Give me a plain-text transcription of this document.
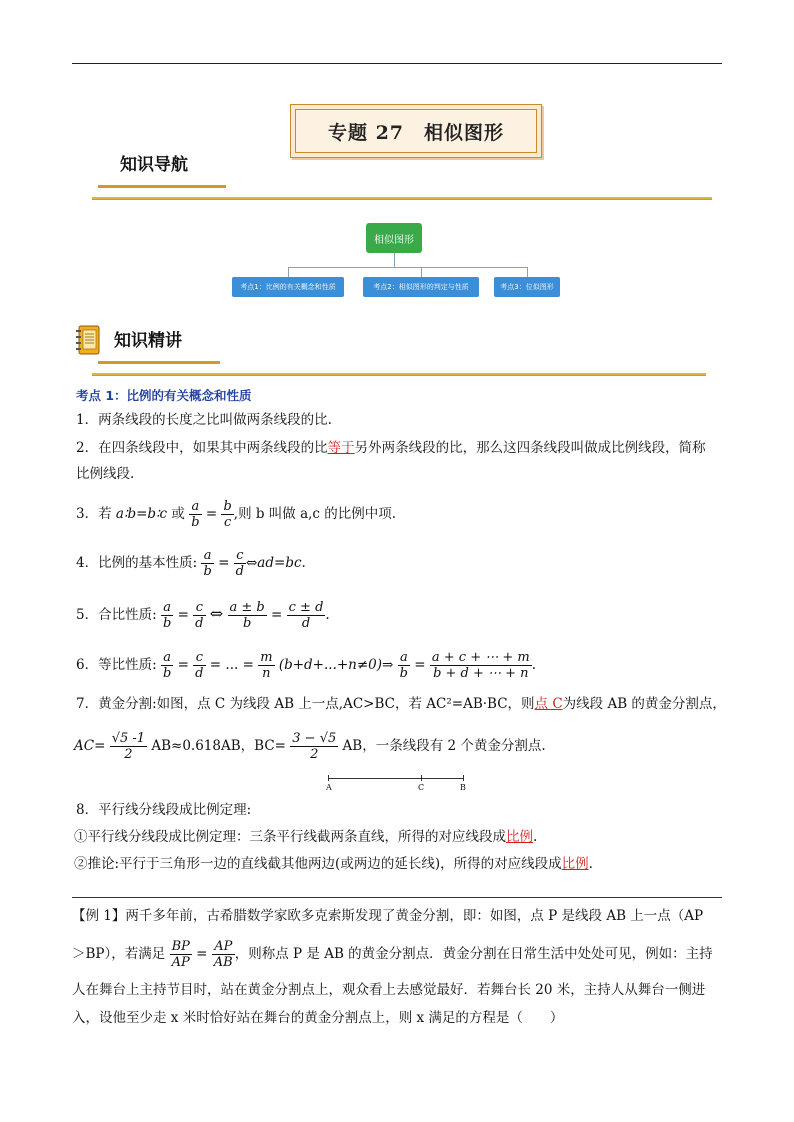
专题 27　相似图形
知识导航
相似图形
考点1：比例的有关概念和性质	考点2：相似图形的判定与性质	考点3：位似图形
知识精讲
考点 1：比例的有关概念和性质
1．两条线段的长度之比叫做两条线段的比.
2．在四条线段中，如果其中两条线段的比等于另外两条线段的比，那么这四条线段叫做成比例线段，简称
比例线段.
3．若 a∶b=b∶c 或 $\frac{a}{b} = \frac{b}{c}$ ,则 b 叫做 a,c 的比例中项.
4．比例的基本性质: $\frac{a}{b} = \frac{c}{d}$ ⇔ad=bc.
5．合比性质: $\frac{a}{b} = \frac{c}{d}$ ⇔ $\frac{a \pm b}{b} = \frac{c \pm d}{d}$ .
6．等比性质: $\frac{a}{b} = \frac{c}{d}$ = ... = $\frac{m}{n}$ (b+d+...+n≠0)⇒ $\frac{a}{b} = \frac{a + c + \cdots + m}{b + d + \cdots + n}$ .
7．黄金分割:如图，点 C 为线段 AB 上一点,AC>BC，若 AC²=AB·BC，则点 C为线段 AB 的黄金分割点，
$AC= \frac{√5 -1}{2} AB\approx 0.618AB$，$BC= \frac{3 - √5}{2}$ AB，一条线段有 2 个黄金分割点.
A	C	B
8．平行线分线段成比例定理:
①平行线分线段成比例定理：三条平行线截两条直线，所得的对应线段成比例.
②推论:平行于三角形一边的直线截其他两边(或两边的延长线)，所得的对应线段成比例.
【例 1】两千多年前，古希腊数学家欧多克索斯发现了黄金分割，即：如图，点 P 是线段 AB 上一点（AP
＞BP），若满足 $\frac{BP}{AP} = \frac{AP}{AB}$ ，则称点 P 是 AB 的黄金分割点．黄金分割在日常生活中处处可见，例如：主持
人在舞台上主持节目时，站在黄金分割点上，观众看上去感觉最好．若舞台长 20 米，主持人从舞台一侧进
入，设他至少走 x 米时恰好站在舞台的黄金分割点上，则 x 满足的方程是（　　）
